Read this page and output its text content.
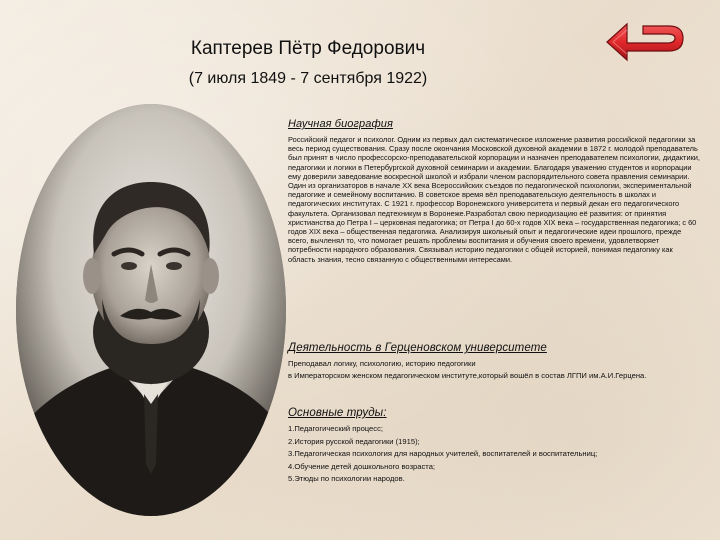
Каптерев Пётр Федорович
(7 июля 1849 - 7 сентября 1922)
Научная биография

Российский педагог и психолог. Одним из первых дал систематическое изложение развития российской педагогики за весь период существования. Сразу после окончания Московской духовной академии в 1872 г. молодой преподаватель был принят в число профессорско-преподавательской корпорации и назначен преподавателем психологии, дидактики, педагогики и логики в Петербургской духовной семинарии и академии. Благодаря уважению студентов и корпорации ему доверили заведование воскресной школой и избрали членом распорядительного совета правления семинарии. Один из организаторов в начале XX века Всероссийских съездов по педагогической психологии, экспериментальной педагогике и семейному воспитанию. В советское время вёл преподавательскую деятельность в школах и педагогических институтах. С 1921 г. профессор Воронежского университета и первый декан его педагогического факультета. Организовал педтехникум в Воронеже.Разработал свою периодизацию её развития: от принятия христианства до Петра I – церковная педагогика; от Петра I до 60-х годов XIX века – государственная педагогика; с 60 годов XIX века – общественная педагогика. Анализируя школьный опыт и педагогические идеи прошлого, прежде всего, вычленял то, что помогает решать проблемы воспитания и обучения своего времени, удовлетворяет потребности народного образования. Связывал историю педагогики с общей историей, понимая педагогику как область знания, тесно связанную с общественными интересами.

Деятельность в Герценовском университете

Преподавал логику, психологию, историю педогогики

в Императорском женском педагогическом институте,который вошёл в состав ЛГПИ им.А.И.Герцена.

Основные труды:
1.Педагогический процесс;
2.История русской педагогики (1915);
3.Педагогическая психология для народных учителей, воспитателей и воспитательниц;
4.Обучение детей дошкольного возраста;
5.Этюды по психологии народов.
